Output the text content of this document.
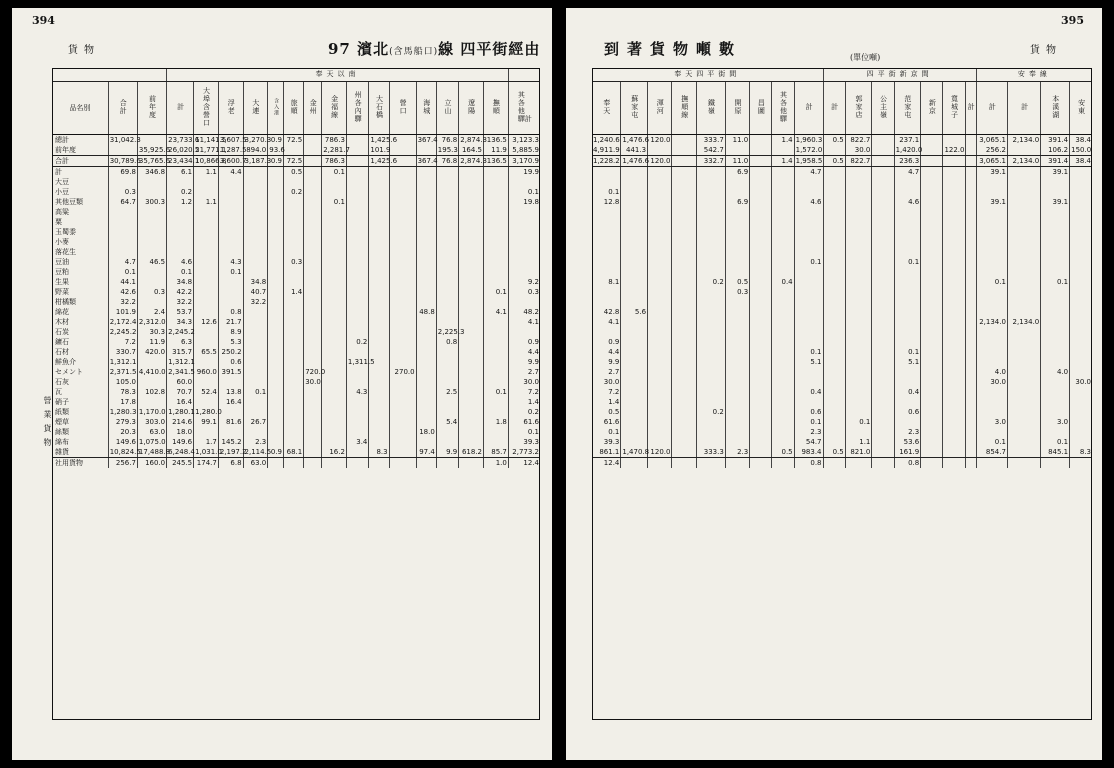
394
貨物	97 濱北(含馬船口)線 四平街經由
營業貨物
			奉天以南															
品名別	合計	前年度	計	大埠含營口	浮老	大連	含入港	旅順	金州	金福線	州各內驛	大石橋	營口	海城	立山	遼陽	撫順	其各他驛計
總計	31,042.3		23,733.6	11,141.5	3,607.5	3,270.3	0.9	72.5		786.3		1,425.6		367.4	76.8	2,874.3	136.5	3,123.3
前年度		35,925.6	26,020.5	21,771.1	1,287.5	894.0	93.6			2,281.7		101.9			195.3	164.5	11.9	5,885.9
合計	30,789.6	35,765.6	23,434.1	10,866.8	3,600.7	3,187.3	0.9	72.5		786.3		1,425.6		367.4	76.8	2,874.3	136.5	3,170.9
計	69.8	346.8	6.1	1.1	4.4			0.5		0.1								19.9
大豆																		
小豆	0.3		0.2					0.2										0.1
其他豆類	64.7	300.3	1.2	1.1						0.1								19.8
高粱																		
粟																		
玉蜀黍																		
小麥																		
落花生																		
豆油	4.7	46.5	4.6		4.3			0.3										
豆粕	0.1		0.1		0.1													
生果	44.1		34.8			34.8												9.2
野菜	42.6	0.3	42.2			40.7		1.4									0.1	0.3
柑橘類	32.2		32.2			32.2												
綿花	101.9	2.4	53.7		0.8									48.8			4.1	48.2
木材	2,172.4	2,312.0	34.3	12.6	21.7													4.1
石炭	2,245.2	30.3	2,245.2		8.9										2,225.3			
鑛石	7.2	11.9	6.3		5.3						0.2				0.8			0.9
石材	330.7	420.0	315.7	65.5	250.2													4.4
鮮魚介	1,312.1		1,312.1		0.6						1,311.5							9.9
セメント	2,371.5	4,410.0	2,341.5	960.0	391.5				720.0				270.0					2.7
石灰	105.0		60.0						30.0									30.0
瓦	78.3	102.8	70.7	52.4	13.8	0.1					4.3				2.5		0.1	7.2
硝子	17.8		16.4		16.4													1.4
紙類	1,280.3	1,170.0	1,280.1	1,280.0														0.2
煙草	279.3	303.0	214.6	99.1	81.6	26.7									5.4		1.8	61.6
絲類	20.3	63.0	18.0											18.0				0.1
綿布	149.6	1,075.0	149.6	1.7	145.2	2.3					3.4							39.3
雜貨	10,824.5	17,488.8	6,248.4	1,031.0	2,197.2	2,114.5	0.9	68.1		16.2		8.3		97.4	9.9	618.2	85.7	2,773.2
社用貨物	256.7	160.0	245.5	174.7	6.8	63.0											1.0	12.4
395
到著貨物噸數	(單位噸)
貨物
奉天四平街間									四平街新京間							安奉線			
奉天	蘇家屯	渾河	撫順線	鐵嶺	開原	昌圖	其各他驛	計	計	郭家店	公主嶺	范家屯	新京	寬城子	計	計	計	本溪湖	安東
1,240.6	1,476.6	120.0		333.7	11.0		1.4	1,960.3	0.5	822.7		237.1				3,065.1	2,134.0	391.4	38.4
4,911.9	441.3			542.7				1,572.0		30.0		1,420.0		122.0		256.2		106.2	150.0
1,228.2	1,476.6	120.0		332.7	11.0		1.4	1,958.5	0.5	822.7		236.3				3,065.1	2,134.0	391.4	38.4
					6.9			4.7				4.7				39.1		39.1	

0.1																			
12.8					6.9			4.6				4.6				39.1		39.1	

								0.1				0.1							

8.1				0.2	0.5		0.4									0.1		0.1	
					0.3														

42.8	5.6																		
4.1																2,134.0	2,134.0		

0.9																			
4.4								0.1				0.1							
9.9								5.1				5.1							
2.7																4.0		4.0	
30.0																30.0			30.0
7.2								0.4				0.4							
1.4																			
0.5				0.2				0.6				0.6							
61.6								0.1		0.1						3.0		3.0	
0.1								2.3				2.3							
39.3								54.7		1.1		53.6				0.1		0.1	
861.1	1,470.8	120.0		333.3	2.3		0.5	983.4	0.5	821.0		161.9				854.7		845.1	8.3
12.4								0.8				0.8							
